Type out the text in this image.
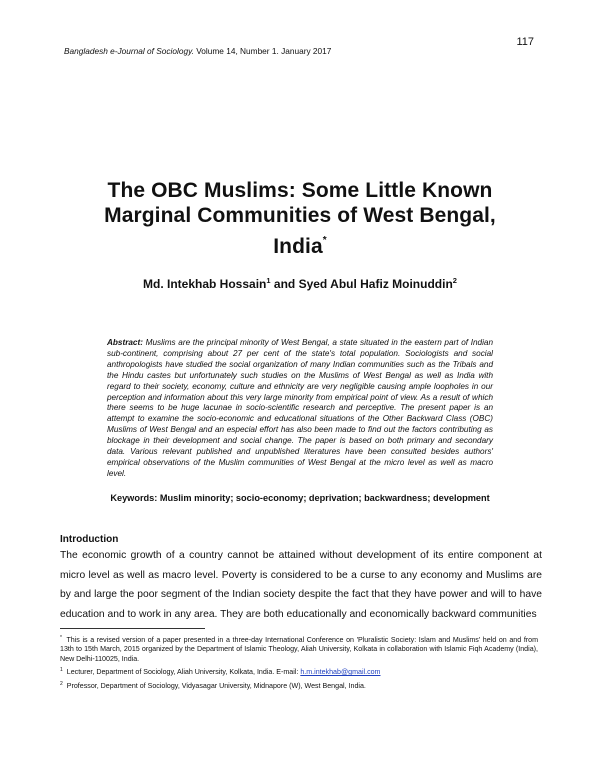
117
Bangladesh e-Journal of Sociology. Volume 14, Number 1. January 2017
The OBC Muslims: Some Little Known
Marginal Communities of West Bengal,
India*
Md. Intekhab Hossain$^1$ and Syed Abul Hafiz Moinuddin$^2$
Abstract: Muslims are the principal minority of West Bengal, a state situated in the eastern part of Indian sub-continent, comprising about 27 per cent of the state's total population. Sociologists and social anthropologists have studied the social organization of many Indian communities such as the Tribals and the Hindu castes but unfortunately such studies on the Muslims of West Bengal as well as India with regard to their society, economy, culture and ethnicity are very negligible causing ample loopholes in our perception and information about this very large minority from empirical point of view. As a result of which there seems to be huge lacunae in socio-scientific research and perceptive. The present paper is an attempt to examine the socio-economic and educational situations of the Other Backward Class (OBC) Muslims of West Bengal and an especial effort has also been made to find out the factors contributing as blockage in their development and social change. The paper is based on both primary and secondary data. Various relevant published and unpublished literatures have been consulted besides authors' empirical observations of the Muslim communities of West Bengal at the micro level as well as macro level.
Keywords: Muslim minority; socio-economy; deprivation; backwardness; development
Introduction
The economic growth of a country cannot be attained without development of its entire component at micro level as well as macro level. Poverty is considered to be a curse to any economy and Muslims are by and large the poor segment of the Indian society despite the fact that they have power and will to have education and to work in any area. They are both educationally and economically backward communities
* This is a revised version of a paper presented in a three-day International Conference on 'Pluralistic Society: Islam and Muslims' held on and from 13th to 15th March, 2015 organized by the Department of Islamic Theology, Aliah University, Kolkata in collaboration with Islamic Fiqh Academy (India), New Delhi-110025, India.
$^1$ Lecturer, Department of Sociology, Aliah University, Kolkata, India. E-mail: h.m.intekhab@gmail.com
$^2$ Professor, Department of Sociology, Vidyasagar University, Midnapore (W), West Bengal, India.
